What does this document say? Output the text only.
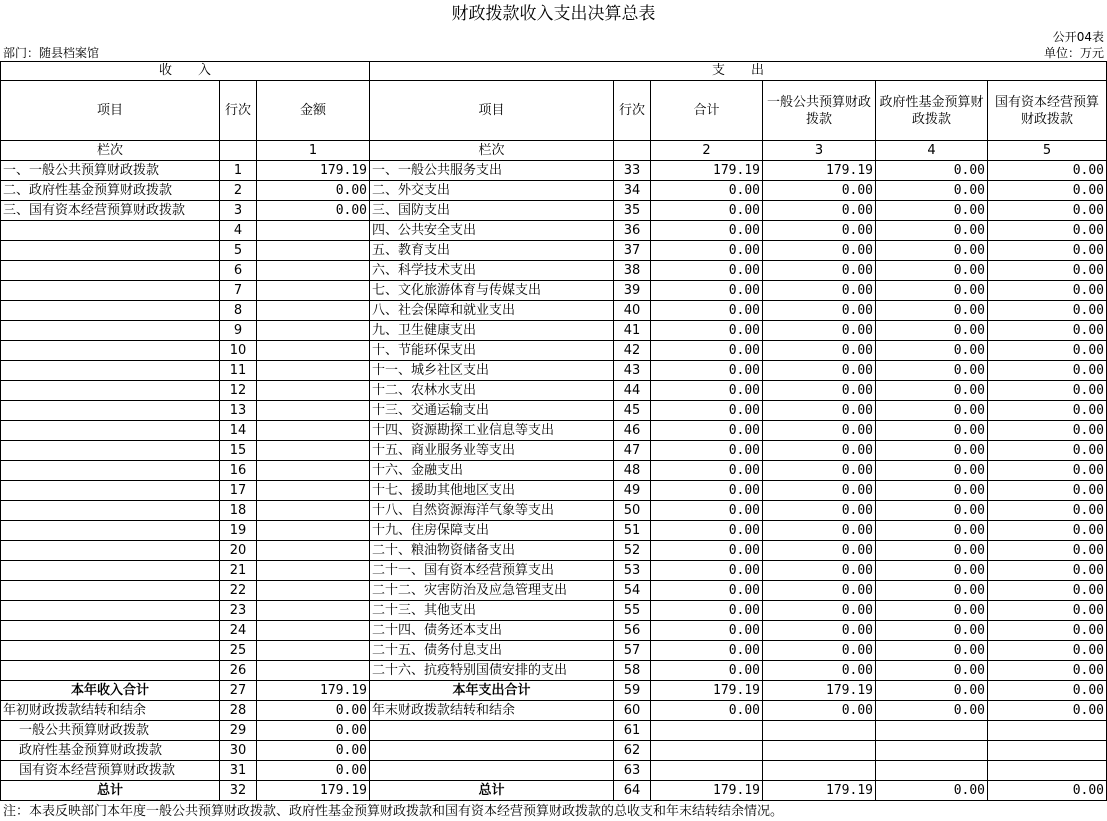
财政拨款收入支出决算总表
公开04表
部门：随县档案馆	单位：万元
收　　入			支　　出					
项目	行次	金额	项目	行次	合计	一般公共预算财政拨款	政府性基金预算财政拨款	国有资本经营预算财政拨款
栏次		1	栏次		2	3	4	5
一、一般公共预算财政拨款	1	179.19	一、一般公共服务支出	33	179.19	179.19	0.00	0.00
二、政府性基金预算财政拨款	2	0.00	二、外交支出	34	0.00	0.00	0.00	0.00
三、国有资本经营预算财政拨款	3	0.00	三、国防支出	35	0.00	0.00	0.00	0.00
	4		四、公共安全支出	36	0.00	0.00	0.00	0.00
	5		五、教育支出	37	0.00	0.00	0.00	0.00
	6		六、科学技术支出	38	0.00	0.00	0.00	0.00
	7		七、文化旅游体育与传媒支出	39	0.00	0.00	0.00	0.00
	8		八、社会保障和就业支出	40	0.00	0.00	0.00	0.00
	9		九、卫生健康支出	41	0.00	0.00	0.00	0.00
	10		十、节能环保支出	42	0.00	0.00	0.00	0.00
	11		十一、城乡社区支出	43	0.00	0.00	0.00	0.00
	12		十二、农林水支出	44	0.00	0.00	0.00	0.00
	13		十三、交通运输支出	45	0.00	0.00	0.00	0.00
	14		十四、资源勘探工业信息等支出	46	0.00	0.00	0.00	0.00
	15		十五、商业服务业等支出	47	0.00	0.00	0.00	0.00
	16		十六、金融支出	48	0.00	0.00	0.00	0.00
	17		十七、援助其他地区支出	49	0.00	0.00	0.00	0.00
	18		十八、自然资源海洋气象等支出	50	0.00	0.00	0.00	0.00
	19		十九、住房保障支出	51	0.00	0.00	0.00	0.00
	20		二十、粮油物资储备支出	52	0.00	0.00	0.00	0.00
	21		二十一、国有资本经营预算支出	53	0.00	0.00	0.00	0.00
	22		二十二、灾害防治及应急管理支出	54	0.00	0.00	0.00	0.00
	23		二十三、其他支出	55	0.00	0.00	0.00	0.00
	24		二十四、债务还本支出	56	0.00	0.00	0.00	0.00
	25		二十五、债务付息支出	57	0.00	0.00	0.00	0.00
	26		二十六、抗疫特别国债安排的支出	58	0.00	0.00	0.00	0.00
本年收入合计	27	179.19	本年支出合计	59	179.19	179.19	0.00	0.00
年初财政拨款结转和结余	28	0.00	年末财政拨款结转和结余	60	0.00	0.00	0.00	0.00
一般公共预算财政拨款	29	0.00		61				
政府性基金预算财政拨款	30	0.00		62				
国有资本经营预算财政拨款	31	0.00		63				
总计	32	179.19	总计	64	179.19	179.19	0.00	0.00
注：本表反映部门本年度一般公共预算财政拨款、政府性基金预算财政拨款和国有资本经营预算财政拨款的总收支和年末结转结余情况。
